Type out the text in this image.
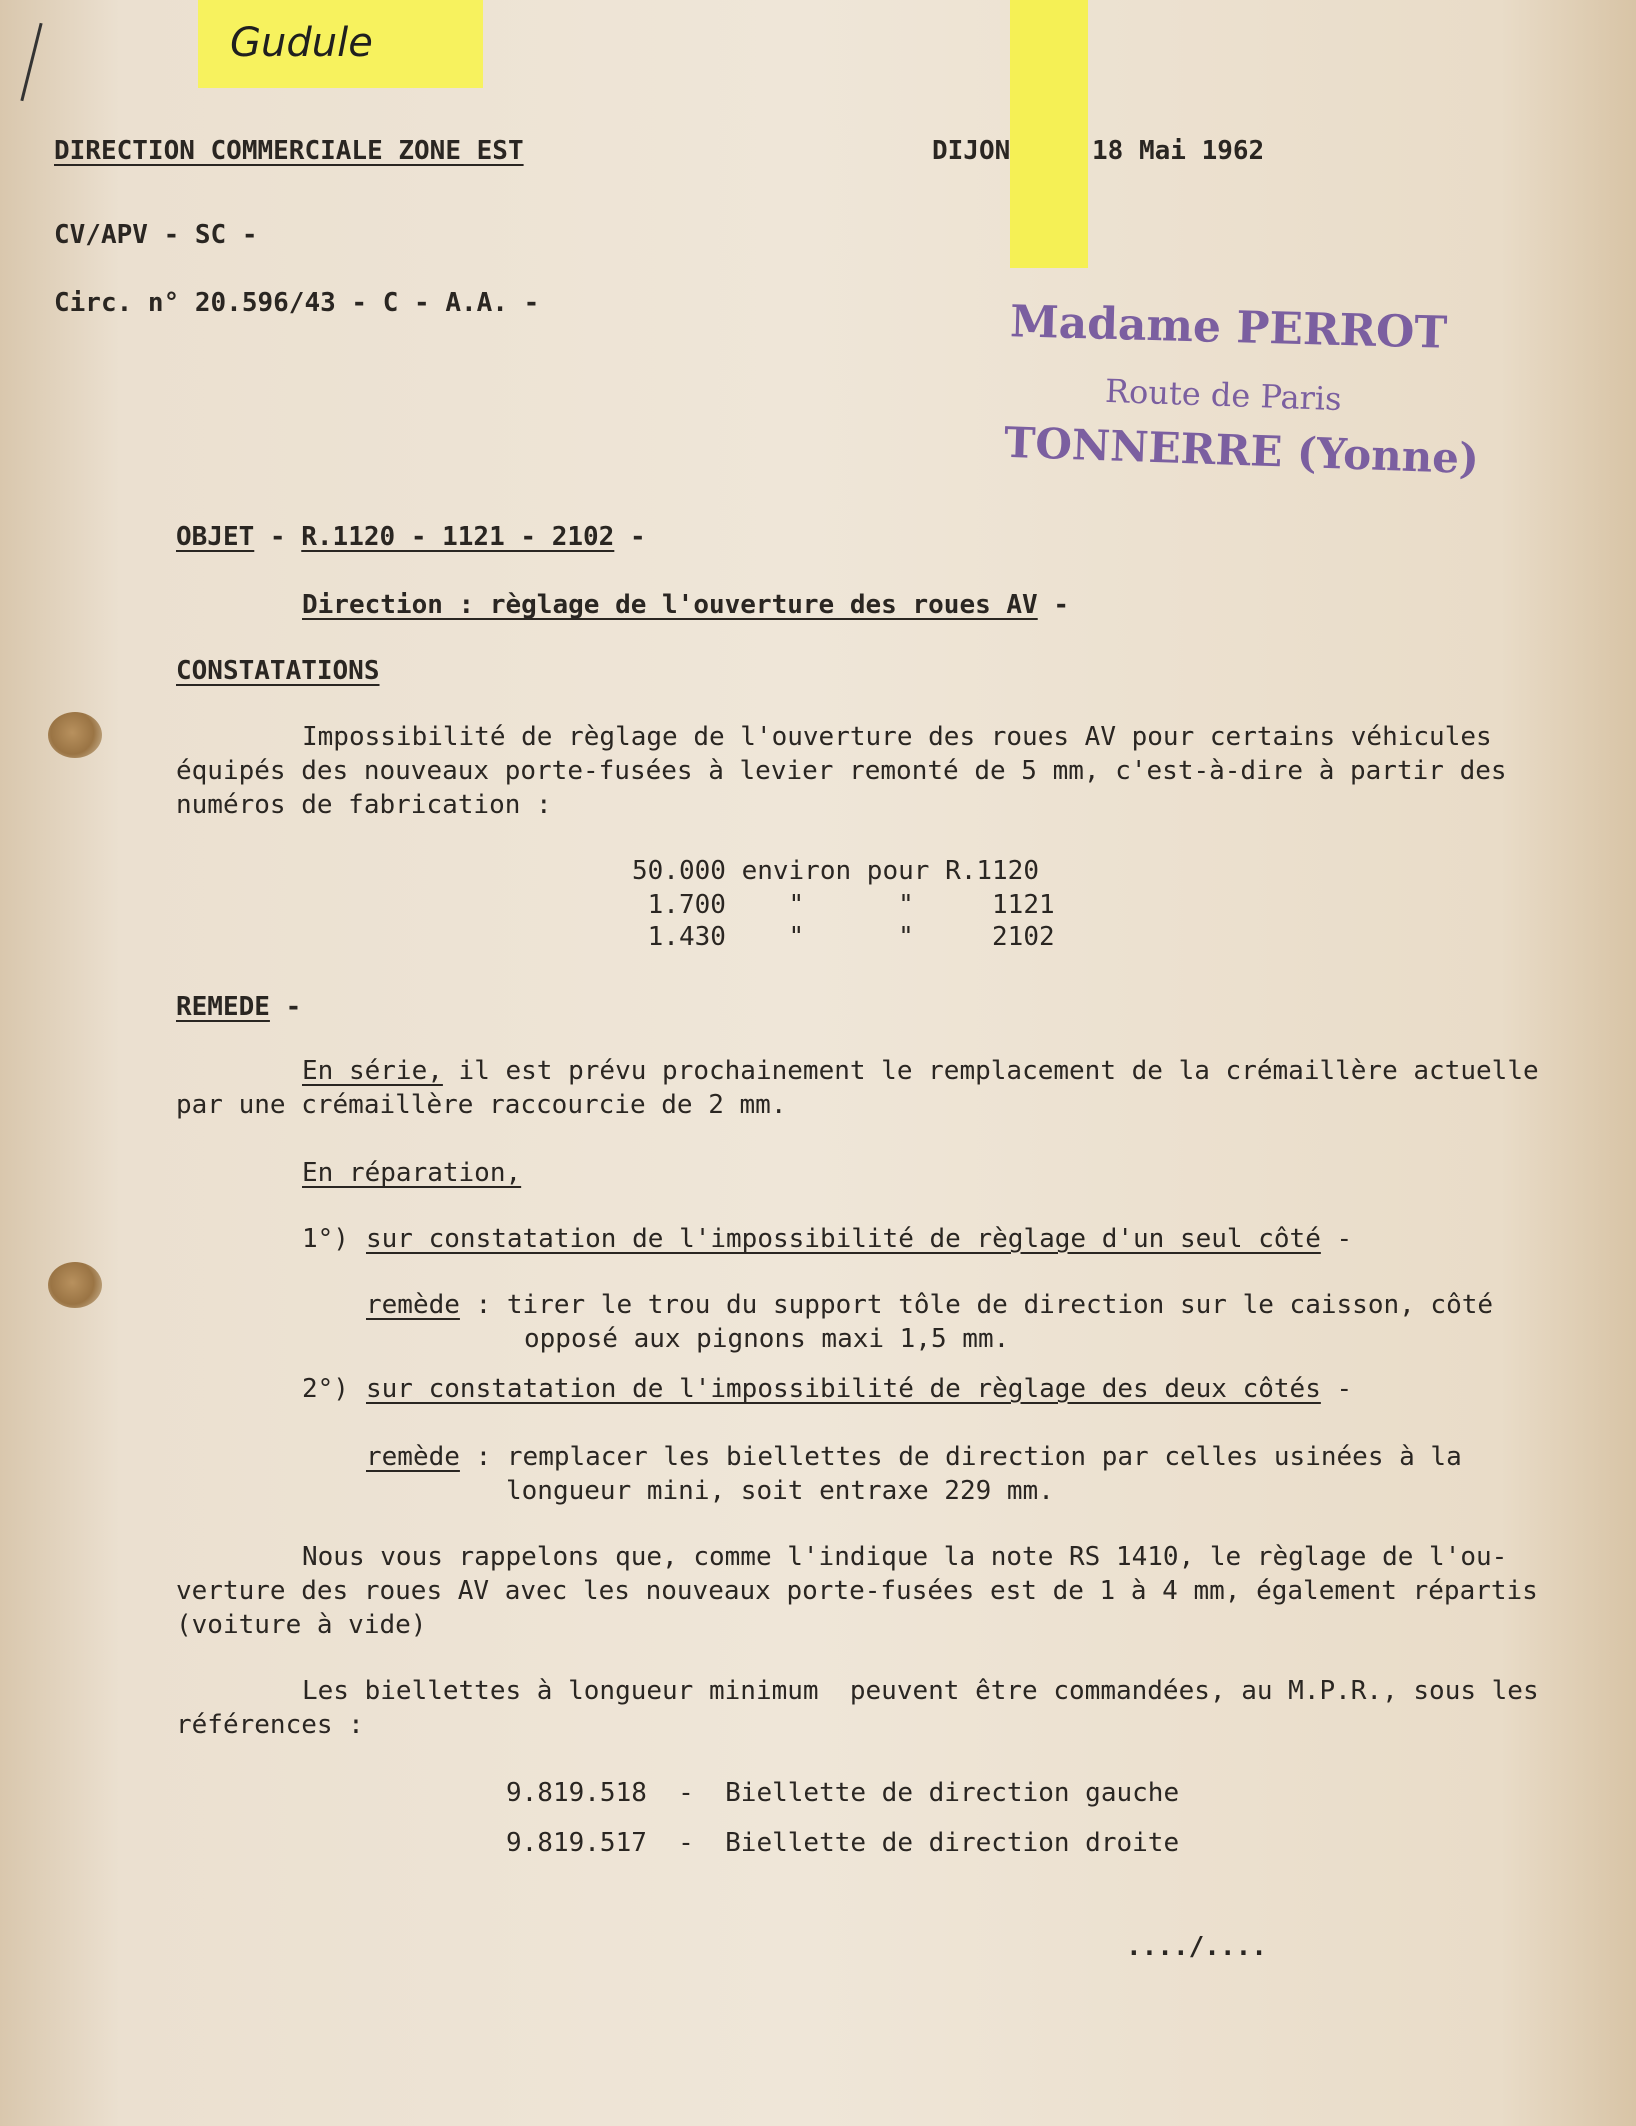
Gudule
DIRECTION COMMERCIALE ZONE EST	DIJON	18 Mai 1962
CV/APV - SC -
Circ. n° 20.596/43 - C - A.A. -	Madame PERROT
Route de Paris
TONNERRE (Yonne)
OBJET - R.1120 - 1121 - 2102 -
Direction : règlage de l'ouverture des roues AV -
CONSTATATIONS
Impossibilité de règlage de l'ouverture des roues AV pour certains véhicules
équipés des nouveaux porte-fusées à levier remonté de 5 mm, c'est-à-dire à partir des
numéros de fabrication :
50.000 environ pour R.1120
1.700    "      "     1121
1.430    "      "     2102
REMEDE -
En série, il est prévu prochainement le remplacement de la crémaillère actuelle
par une crémaillère raccourcie de 2 mm.
En réparation,
1°) sur constatation de l'impossibilité de règlage d'un seul côté -
remède : tirer le trou du support tôle de direction sur le caisson, côté
opposé aux pignons maxi 1,5 mm.
2°) sur constatation de l'impossibilité de règlage des deux côtés -
remède : remplacer les biellettes de direction par celles usinées à la
longueur mini, soit entraxe 229 mm.
Nous vous rappelons que, comme l'indique la note RS 1410, le règlage de l'ou-
verture des roues AV avec les nouveaux porte-fusées est de 1 à 4 mm, également répartis
(voiture à vide)
Les biellettes à longueur minimum  peuvent être commandées, au M.P.R., sous les
références :
9.819.518  -  Biellette de direction gauche
9.819.517  -  Biellette de direction droite
..../....
